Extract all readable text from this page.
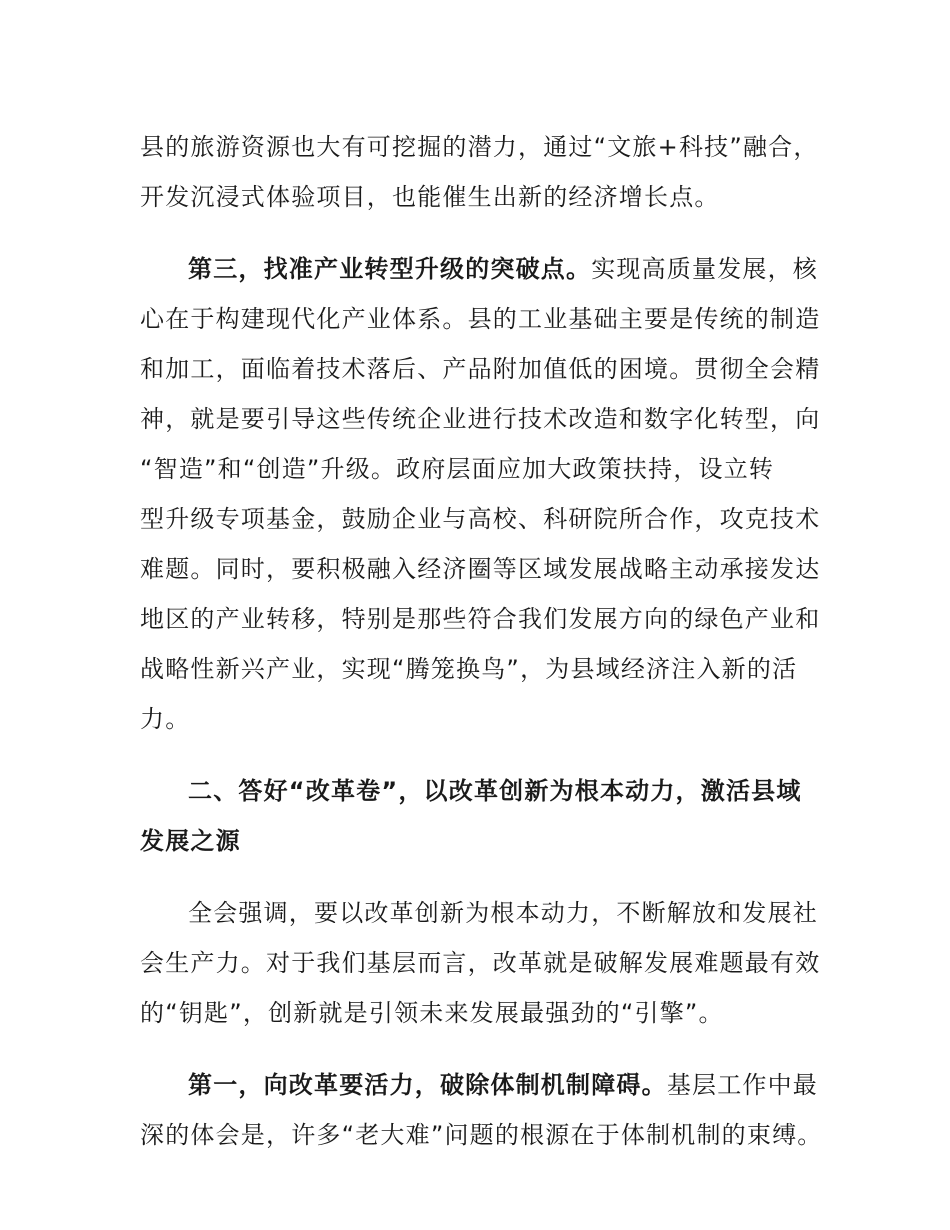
县的旅游资源也大有可挖掘的潜力，通过“文旅+科技”融合，
开发沉浸式体验项目，也能催生出新的经济增长点。
第三，找准产业转型升级的突破点。实现高质量发展，核
心在于构建现代化产业体系。县的工业基础主要是传统的制造
和加工，面临着技术落后、产品附加值低的困境。贯彻全会精
神，就是要引导这些传统企业进行技术改造和数字化转型，向
“智造”和“创造”升级。政府层面应加大政策扶持，设立转
型升级专项基金，鼓励企业与高校、科研院所合作，攻克技术
难题。同时，要积极融入经济圈等区域发展战略主动承接发达
地区的产业转移，特别是那些符合我们发展方向的绿色产业和
战略性新兴产业，实现“腾笼换鸟”，为县域经济注入新的活
力。
二、答好“改革卷”，以改革创新为根本动力，激活县域
发展之源
全会强调，要以改革创新为根本动力，不断解放和发展社
会生产力。对于我们基层而言，改革就是破解发展难题最有效
的“钥匙”，创新就是引领未来发展最强劲的“引擎”。
第一，向改革要活力，破除体制机制障碍。基层工作中最
深的体会是，许多“老大难”问题的根源在于体制机制的束缚。
